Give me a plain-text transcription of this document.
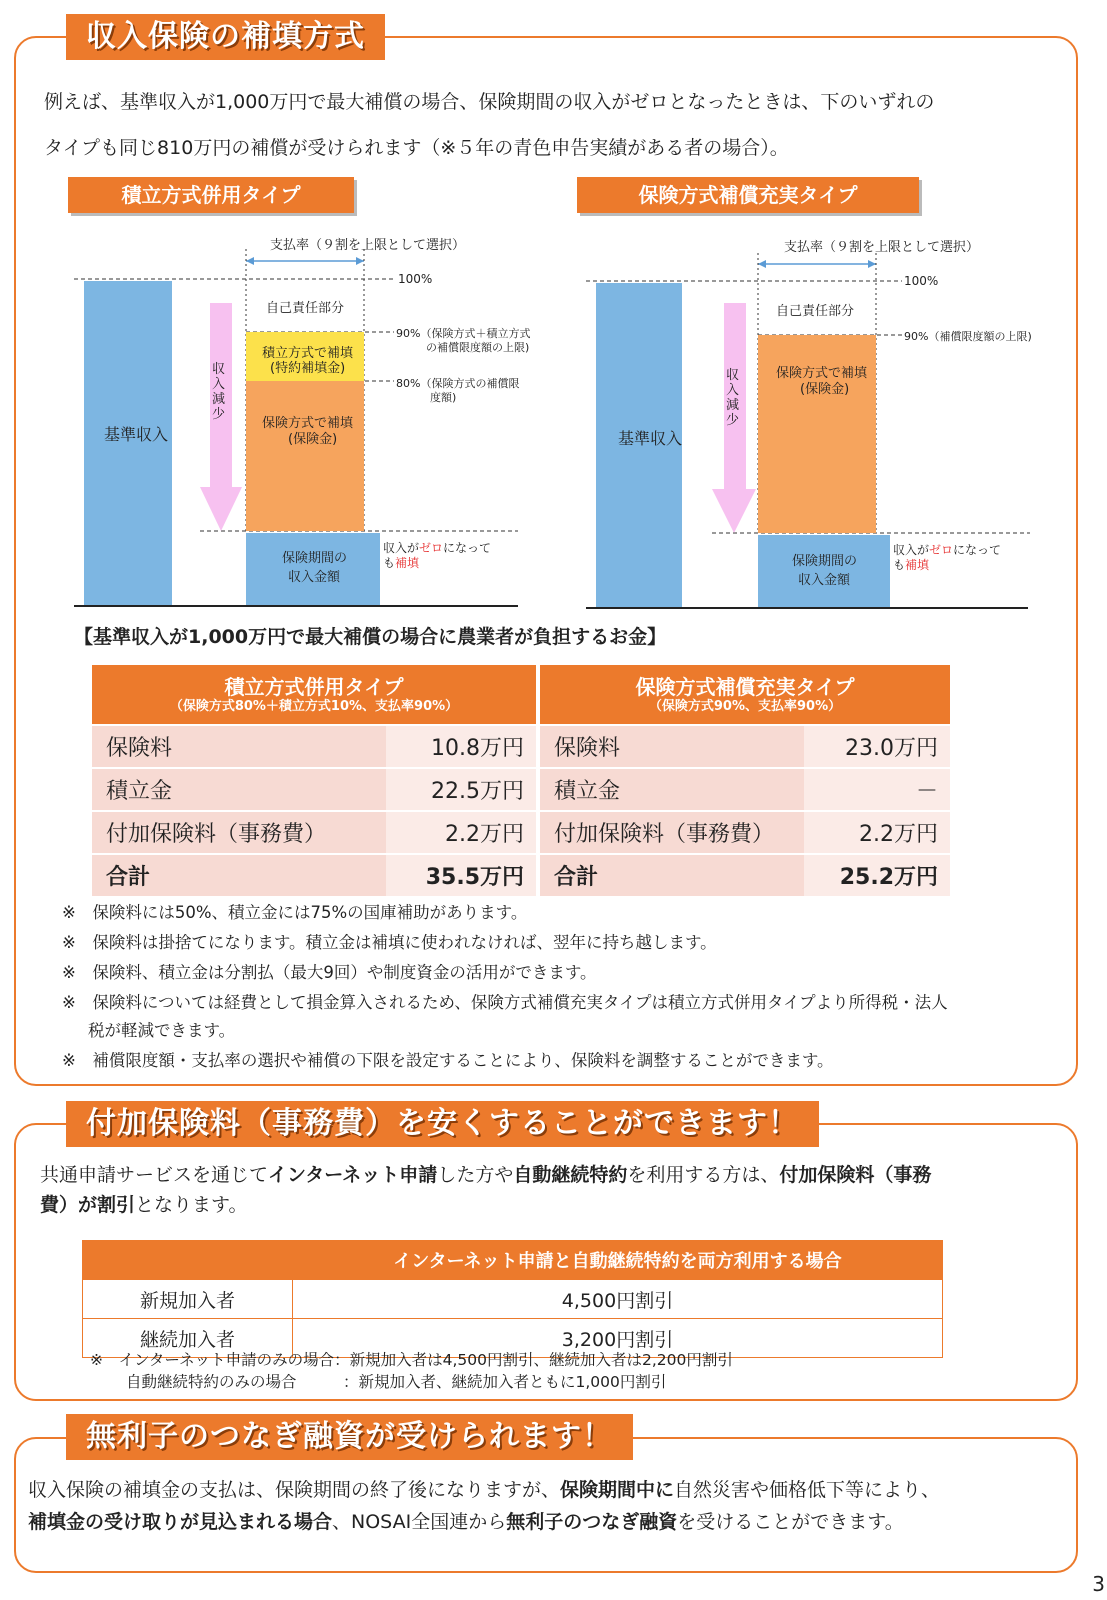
収入保険の補填方式
例えば、基準収入が1,000万円で最大補償の場合、保険期間の収入がゼロとなったときは、下のいずれの
タイプも同じ810万円の補償が受けられます（※５年の青色申告実績がある者の場合）。
積立方式併用タイプ
支払率（９割を上限として選択）
100%
自己責任部分
90%（保険方式＋積立方式
の補償限度額の上限)
積立方式で補填
(特約補填金)
80%（保険方式の補償限
度額)
保険方式で補填
(保険金)
基準収入
収入減少
保険期間の
収入金額
収入がゼロになって
も補填
保険方式補償充実タイプ
支払率（９割を上限として選択）
100%
自己責任部分
90%（補償限度額の上限)
保険方式で補填
(保険金)
基準収入
収入減少
保険期間の
収入金額
収入がゼロになって
も補填
【基準収入が1,000万円で最大補償の場合に農業者が負担するお金】
積立方式併用タイプ
（保険方式80%＋積立方式10%、支払率90%）			保険方式補償充実タイプ
（保険方式90%、支払率90%）	

保険料	10.8万円		保険料	23.0万円
積立金	22.5万円		積立金	－
付加保険料（事務費）	2.2万円		付加保険料（事務費）	2.2万円
合計	35.5万円		合計	25.2万円
※　保険料には50%、積立金には75%の国庫補助があります。
※　保険料は掛捨てになります。積立金は補填に使われなければ、翌年に持ち越します。
※　保険料、積立金は分割払（最大9回）や制度資金の活用ができます。
※　保険料については経費として損金算入されるため、保険方式補償充実タイプは積立方式併用タイプより所得税・法人
税が軽減できます。
※　補償限度額・支払率の選択や補償の下限を設定することにより、保険料を調整することができます。
付加保険料（事務費）を安くすることができます！
共通申請サービスを通じてインターネット申請した方や自動継続特約を利用する方は、付加保険料（事務
費）が割引となります。
	インターネット申請と自動継続特約を両方利用する場合
新規加入者	4,500円割引
継続加入者	3,200円割引
※　インターネット申請のみの場合：新規加入者は4,500円割引、継続加入者は2,200円割引
自動継続特約のみの場合　　　：新規加入者、継続加入者ともに1,000円割引
無利子のつなぎ融資が受けられます！
収入保険の補填金の支払は、保険期間の終了後になりますが、保険期間中に自然災害や価格低下等により、
補填金の受け取りが見込まれる場合、NOSAI全国連から無利子のつなぎ融資を受けることができます。
3
